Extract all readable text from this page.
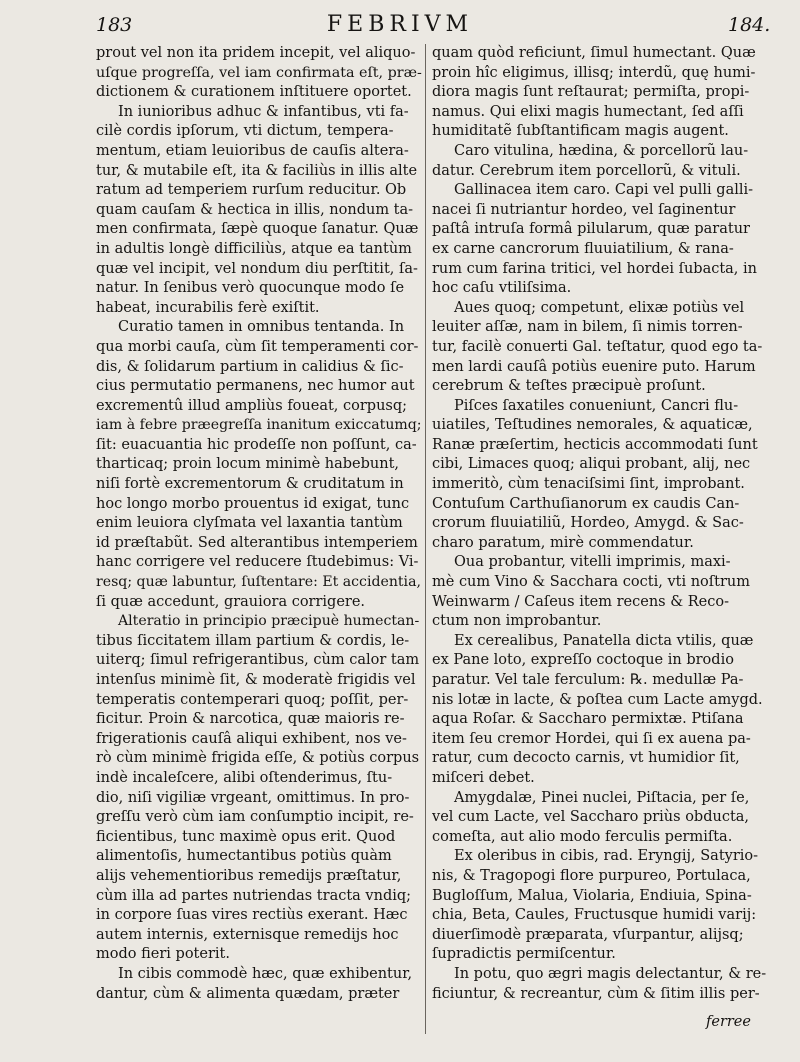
183	FEBRIVM	184.
prout vel non ita pridem incepit, vel aliquo-
uſque progreſſa, vel iam confirmata eſt, præ-
dictionem & curationem inſtituere oportet.
In iunioribus adhuc & infantibus, vti fa-
cilè cordis ipſorum, vti dictum, tempera-
mentum, etiam leuioribus de cauſis altera-
tur, & mutabile eſt, ita & faciliùs in illis alte
ratum ad temperiem rurſum reducitur. Ob
quam cauſam & hectica in illis, nondum ta-
men confirmata, ſæpè quoque ſanatur. Quæ
in adultis longè difficiliùs, atque ea tantùm
quæ vel incipit, vel nondum diu perſtitit, ſa-
natur. In ſenibus verò quocunque modo ſe
habeat, incurabilis ferè exiſtit.
Curatio tamen in omnibus tentanda. In
qua morbi cauſa, cùm ſit temperamenti cor-
dis, & ſolidarum partium in calidius & ſic-
cius permutatio permanens, nec humor aut
excrementû illud ampliùs foueat, corpusq;
iam à febre præegreſſa inanitum exiccatumq;
ſit: euacuantia hic prodeſſe non poſſunt, ca-
tharticaq; proin locum minimè habebunt,
niſi fortè excrementorum & cruditatum in
hoc longo morbo prouentus id exigat, tunc
enim leuiora clyſmata vel laxantia tantùm
id præſtabũt. Sed alterantibus intemperiem
hanc corrigere vel reducere ſtudebimus: Vi-
resq; quæ labuntur, ſuſtentare: Et accidentia,
ſi quæ accedunt, grauiora corrigere.
Alteratio in principio præcipuè humectan-
tibus ſiccitatem illam partium & cordis, le-
uiterq; ſimul refrigerantibus, cùm calor tam
intenſus minimè ſit, & moderatè frigidis vel
temperatis contemperari quoq; poſſit, per-
ficitur. Proin & narcotica, quæ maioris re-
frigerationis cauſâ aliqui exhibent, nos ve-
rò cùm minimè frigida eſſe, & potiùs corpus
indè incaleſcere, alibi oſtenderimus, ſtu-
dio, niſi vigiliæ vrgeant, omittimus. In pro-
greſſu verò cùm iam conſumptio incipit, re-
ficientibus, tunc maximè opus erit. Quod
alimentoſis, humectantibus potiùs quàm
alijs vehementioribus remedijs præſtatur,
cùm illa ad partes nutriendas tracta vndiq;
in corpore ſuas vires rectiùs exerant. Hæc
autem internis, externisque remedijs hoc
modo fieri poterit.
In cibis commodè hæc, quæ exhibentur,
dantur, cùm & alimenta quædam, præter
quam quòd reficiunt, ſimul humectant. Quæ
proin hîc eligimus, illisq; interdũ, quę humi-
diora magis ſunt reſtaurat; permiſta, propi-
namus. Qui elixi magis humectant, ſed aſſi
humiditatẽ ſubſtantificam magis augent.
Caro vitulina, hædina, & porcellorũ lau-
datur. Cerebrum item porcellorũ, & vituli.
Gallinacea item caro. Capi vel pulli galli-
nacei ſi nutriantur hordeo, vel ſaginentur
paſtâ intruſa formâ pilularum, quæ paratur
ex carne cancrorum fluuiatilium, & rana-
rum cum farina tritici, vel hordei ſubacta, in
hoc caſu vtiliſsima.
Aues quoq; competunt, elixæ potiùs vel
leuiter aſſæ, nam in bilem, ſi nimis torren-
tur, facilè conuerti Gal. teſtatur, quod ego ta-
men lardi cauſâ potiùs euenire puto. Harum
cerebrum & teſtes præcipuè proſunt.
Piſces ſaxatiles conueniunt, Cancri flu-
uiatiles, Teſtudines nemorales, & aquaticæ,
Ranæ præſertim, hecticis accommodati ſunt
cibi, Limaces quoq; aliqui probant, alij, nec
immeritò, cùm tenaciſsimi ſint, improbant.
Contuſum Carthuſianorum ex caudis Can-
crorum fluuiatiliũ, Hordeo, Amygd. & Sac-
charo paratum, mirè commendatur.
Oua probantur, vitelli imprimis, maxi-
mè cum Vino & Sacchara cocti, vti noſtrum
Weinwarm / Caſeus item recens & Reco-
ctum non improbantur.
Ex cerealibus, Panatella dicta vtilis, quæ
ex Pane loto, expreſſo coctoque in brodio
paratur. Vel tale ferculum: ℞. medullæ Pa-
nis lotæ in lacte, & poſtea cum Lacte amygd.
aqua Roſar. & Saccharo permixtæ. Ptiſana
item ſeu cremor Hordei, qui ſi ex auena pa-
ratur, cum decocto carnis, vt humidior ſit,
miſceri debet.
Amygdalæ, Pinei nuclei, Piſtacia, per ſe,
vel cum Lacte, vel Saccharo priùs obducta,
comeſta, aut alio modo ferculis permiſta.
Ex oleribus in cibis, rad. Eryngij, Satyrio-
nis, & Tragopogi flore purpureo, Portulaca,
Bugloſſum, Malua, Violaria, Endiuia, Spina-
chia, Beta, Caules, Fructusque humidi varij:
diuerſimodè præparata, vſurpantur, alijsq;
ſupradictis permiſcentur.
In potu, quo ægri magis delectantur, & re-
ficiuntur, & recreantur, cùm & ſitim illis per-
ferree
